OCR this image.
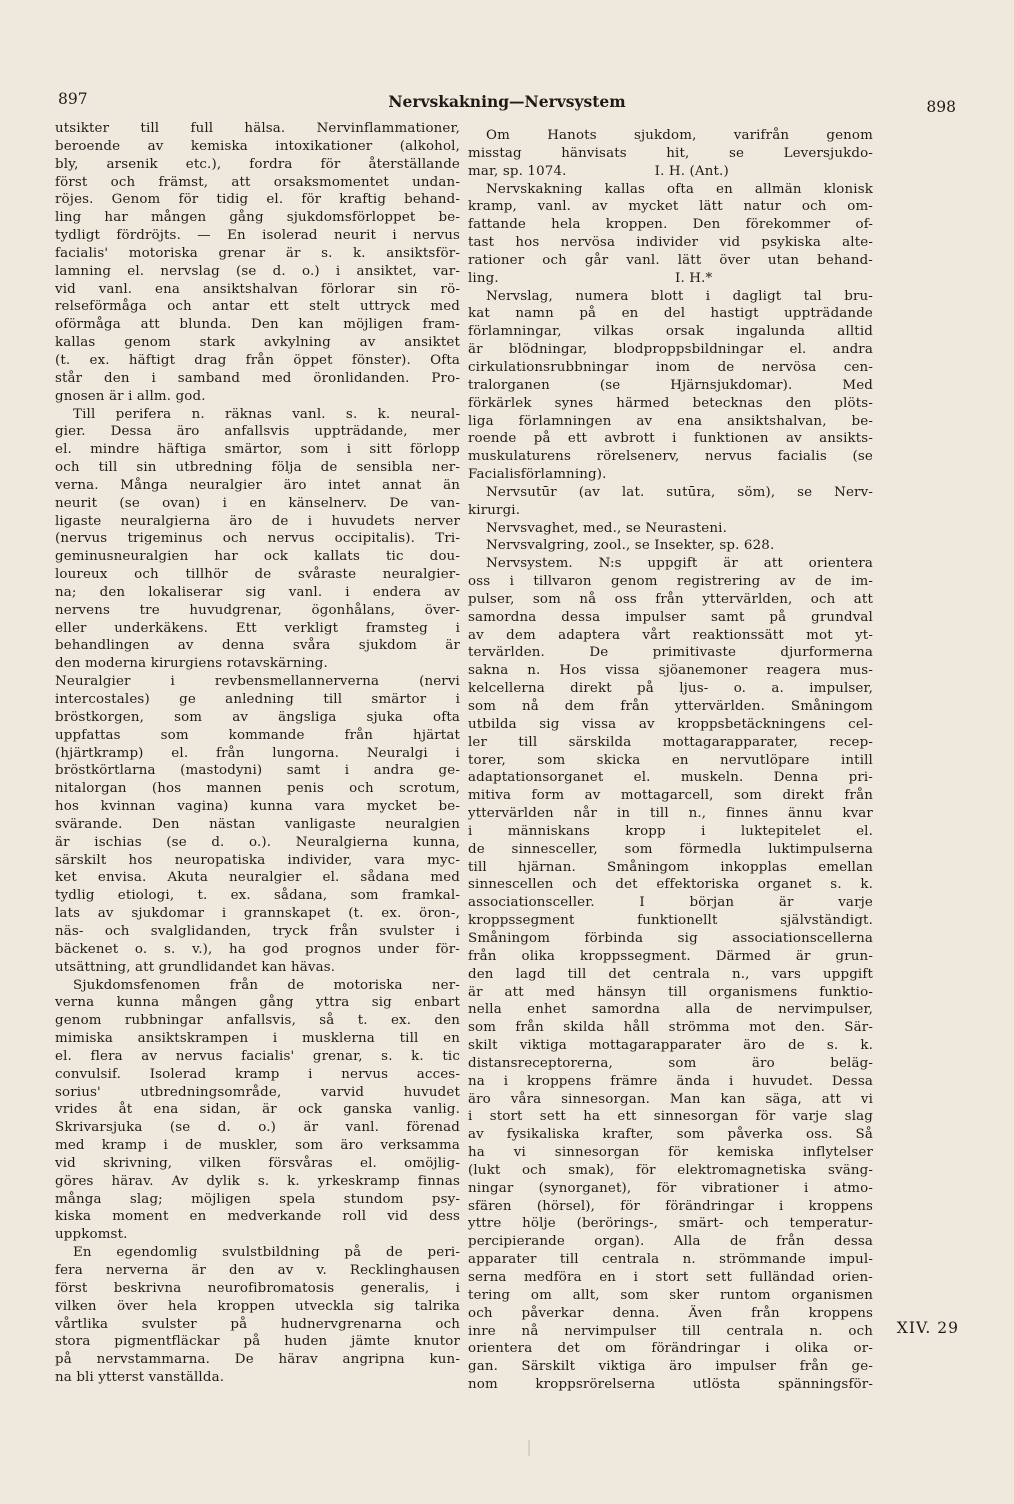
897	Nervskakning—Nervsystem	898
utsikter till full hälsa. Nervinflammationer,
beroende av kemiska intoxikationer (alkohol,
bly, arsenik etc.), fordra för återställande
först och främst, att orsaksmomentet undan-
röjes. Genom för tidig el. för kraftig behand-
ling har mången gång sjukdomsförloppet be-
tydligt fördröjts. — En isolerad neurit i nervus
facialis' motoriska grenar är s. k. ansiktsför-
lamning el. nervslag (se d. o.) i ansiktet, var-
vid vanl. ena ansiktshalvan förlorar sin rö-
relseförmåga och antar ett stelt uttryck med
oförmåga att blunda. Den kan möjligen fram-
kallas genom stark avkylning av ansiktet
(t. ex. häftigt drag från öppet fönster). Ofta
står den i samband med öronlidanden. Pro-
gnosen är i allm. god.
Till perifera n. räknas vanl. s. k. neural-
gier. Dessa äro anfallsvis uppträdande, mer
el. mindre häftiga smärtor, som i sitt förlopp
och till sin utbredning följa de sensibla ner-
verna. Många neuralgier äro intet annat än
neurit (se ovan) i en känselnerv. De van-
ligaste neuralgierna äro de i huvudets nerver
(nervus trigeminus och nervus occipitalis). Tri-
geminusneuralgien har ock kallats tic dou-
loureux och tillhör de svåraste neuralgier-
na; den lokaliserar sig vanl. i endera av
nervens tre huvudgrenar, ögonhålans, över-
eller underkäkens. Ett verkligt framsteg i
behandlingen av denna svåra sjukdom är
den moderna kirurgiens rotavskärning.
Neuralgier i revbensmellannerverna (nervi
intercostales) ge anledning till smärtor i
bröstkorgen, som av ängsliga sjuka ofta
uppfattas som kommande från hjärtat
(hjärtkramp) el. från lungorna. Neuralgi i
bröstkörtlarna (mastodyni) samt i andra ge-
nitalorgan (hos mannen penis och scrotum,
hos kvinnan vagina) kunna vara mycket be-
svärande. Den nästan vanligaste neuralgien
är ischias (se d. o.). Neuralgierna kunna,
särskilt hos neuropatiska individer, vara myc-
ket envisa. Akuta neuralgier el. sådana med
tydlig etiologi, t. ex. sådana, som framkal-
lats av sjukdomar i grannskapet (t. ex. öron-,
näs- och svalglidanden, tryck från svulster i
bäckenet o. s. v.), ha god prognos under för-
utsättning, att grundlidandet kan hävas.
Sjukdomsfenomen från de motoriska ner-
verna kunna mången gång yttra sig enbart
genom rubbningar anfallsvis, så t. ex. den
mimiska ansiktskrampen i musklerna till en
el. flera av nervus facialis' grenar, s. k. tic
convulsif. Isolerad kramp i nervus acces-
sorius' utbredningsområde, varvid huvudet
vrides åt ena sidan, är ock ganska vanlig.
Skrivarsjuka (se d. o.) är vanl. förenad
med kramp i de muskler, som äro verksamma
vid skrivning, vilken försvåras el. omöjlig-
göres härav. Av dylik s. k. yrkeskramp finnas
många slag; möjligen spela stundom psy-
kiska moment en medverkande roll vid dess
uppkomst.
En egendomlig svulstbildning på de peri-
fera nerverna är den av v. Recklinghausen
först beskrivna neurofibromatosis generalis, i
vilken över hela kroppen utveckla sig talrika
vårtlika svulster på hudnervgrenarna och
stora pigmentfläckar på huden jämte knutor
på nervstammarna. De härav angripna kun-
na bli ytterst vanställda.
Om Hanots sjukdom, varifrån genom
misstag hänvisats hit, se Leversjukdo-
mar, sp. 1074.                    I. H. (Ant.)
Nervskakning kallas ofta en allmän klonisk
kramp, vanl. av mycket lätt natur och om-
fattande hela kroppen. Den förekommer of-
tast hos nervösa individer vid psykiska alte-
rationer och går vanl. lätt över utan behand-
ling.                                        I. H.*
Nervslag, numera blott i dagligt tal bru-
kat namn på en del hastigt uppträdande
förlamningar, vilkas orsak ingalunda alltid
är blödningar, blodproppsbildningar el. andra
cirkulationsrubbningar inom de nervösa cen-
tralorganen (se Hjärnsjukdomar). Med
förkärlek synes härmed betecknas den plöts-
liga förlamningen av ena ansiktshalvan, be-
roende på ett avbrott i funktionen av ansikts-
muskulaturens rörelsenerv, nervus facialis (se
Facialisförlamning).
Nervsutūr (av lat. sutūra, söm), se Nerv-
kirurgi.
Nervsvaghet, med., se Neurasteni.
Nervsvalgring, zool., se Insekter, sp. 628.
Nervsystem. N:s uppgift är att orientera
oss i tillvaron genom registrering av de im-
pulser, som nå oss från yttervärlden, och att
samordna dessa impulser samt på grundval
av dem adaptera vårt reaktionssätt mot yt-
tervärlden. De primitivaste djurformerna
sakna n. Hos vissa sjöanemoner reagera mus-
kelcellerna direkt på ljus- o. a. impulser,
som nå dem från yttervärlden. Småningom
utbilda sig vissa av kroppsbetäckningens cel-
ler till särskilda mottagarapparater, recep-
torer, som skicka en nervutlöpare intill
adaptationsorganet el. muskeln. Denna pri-
mitiva form av mottagarcell, som direkt från
yttervärlden når in till n., finnes ännu kvar
i människans kropp i luktepitelet el.
de sinnesceller, som förmedla luktimpulserna
till hjärnan. Småningom inkopplas emellan
sinnescellen och det effektoriska organet s. k.
associationsceller. I början är varje
kroppssegment funktionellt självständigt.
Småningom förbinda sig associationscellerna
från olika kroppssegment. Därmed är grun-
den lagd till det centrala n., vars uppgift
är att med hänsyn till organismens funktio-
nella enhet samordna alla de nervimpulser,
som från skilda håll strömma mot den. Sär-
skilt viktiga mottagarapparater äro de s. k.
distansreceptorerna, som äro beläg-
na i kroppens främre ända i huvudet. Dessa
äro våra sinnesorgan. Man kan säga, att vi
i stort sett ha ett sinnesorgan för varje slag
av fysikaliska krafter, som påverka oss. Så
ha vi sinnesorgan för kemiska inflytelser
(lukt och smak), för elektromagnetiska sväng-
ningar (synorganet), för vibrationer i atmo-
sfären (hörsel), för förändringar i kroppens
yttre hölje (berörings-, smärt- och temperatur-
percipierande organ). Alla de från dessa
apparater till centrala n. strömmande impul-
serna medföra en i stort sett fulländad orien-
tering om allt, som sker runtom organismen
och påverkar denna. Även från kroppens
inre nå nervimpulser till centrala n. och
orientera det om förändringar i olika or-
gan. Särskilt viktiga äro impulser från ge-
nom kroppsrörelserna utlösta spänningsför-
XIV. 29
